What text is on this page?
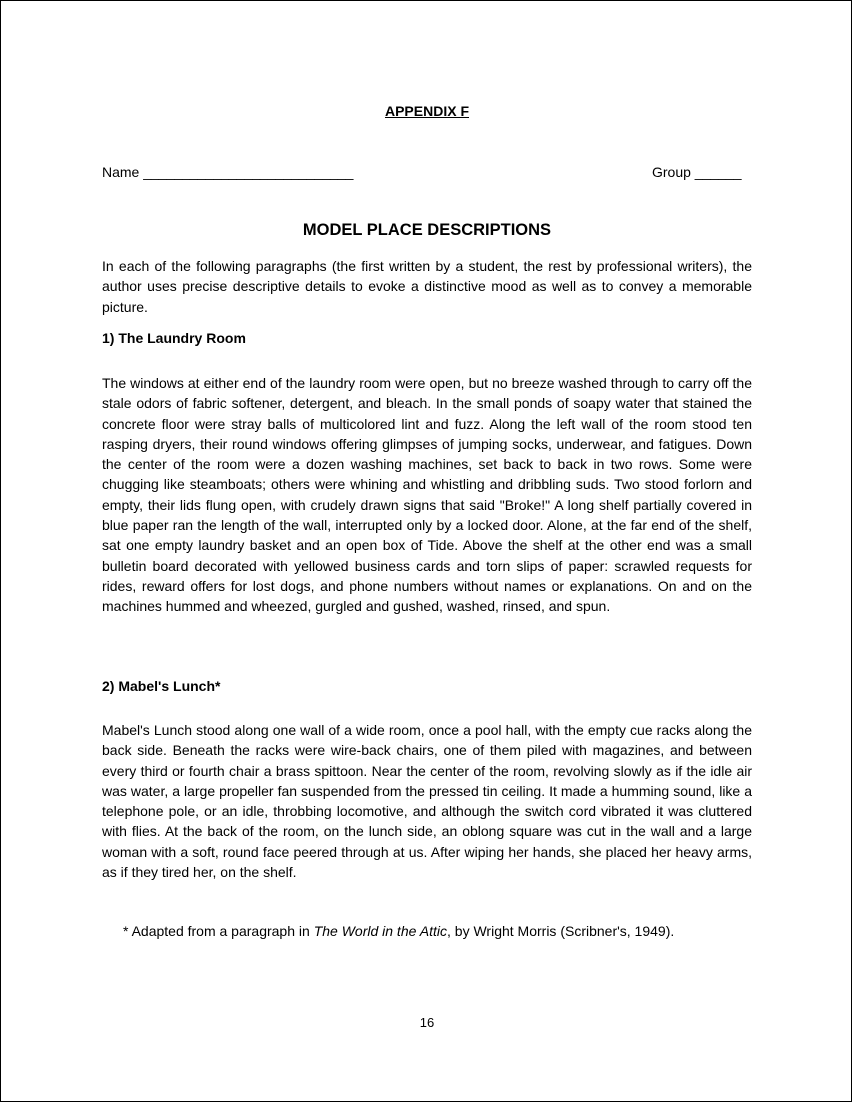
APPENDIX F
Name ___________________________	Group ______
MODEL PLACE DESCRIPTIONS

In each of the following paragraphs (the first written by a student, the rest by professional writers), the author uses precise descriptive details to evoke a distinctive mood as well as to convey a memorable picture.

1) The Laundry Room

The windows at either end of the laundry room were open, but no breeze washed through to carry off the stale odors of fabric softener, detergent, and bleach. In the small ponds of soapy water that stained the concrete floor were stray balls of multicolored lint and fuzz. Along the left wall of the room stood ten rasping dryers, their round windows offering glimpses of jumping socks, underwear, and fatigues. Down the center of the room were a dozen washing machines, set back to back in two rows. Some were chugging like steamboats; others were whining and whistling and dribbling suds. Two stood forlorn and empty, their lids flung open, with crudely drawn signs that said "Broke!" A long shelf partially covered in blue paper ran the length of the wall, interrupted only by a locked door. Alone, at the far end of the shelf, sat one empty laundry basket and an open box of Tide. Above the shelf at the other end was a small bulletin board decorated with yellowed business cards and torn slips of paper: scrawled requests for rides, reward offers for lost dogs, and phone numbers without names or explanations. On and on the machines hummed and wheezed, gurgled and gushed, washed, rinsed, and spun.

2) Mabel's Lunch*

Mabel's Lunch stood along one wall of a wide room, once a pool hall, with the empty cue racks along the back side. Beneath the racks were wire-back chairs, one of them piled with magazines, and between every third or fourth chair a brass spittoon. Near the center of the room, revolving slowly as if the idle air was water, a large propeller fan suspended from the pressed tin ceiling. It made a humming sound, like a telephone pole, or an idle, throbbing locomotive, and although the switch cord vibrated it was cluttered with flies. At the back of the room, on the lunch side, an oblong square was cut in the wall and a large woman with a soft, round face peered through at us. After wiping her hands, she placed her heavy arms, as if they tired her, on the shelf.

* Adapted from a paragraph in The World in the Attic, by Wright Morris (Scribner's, 1949).
16
